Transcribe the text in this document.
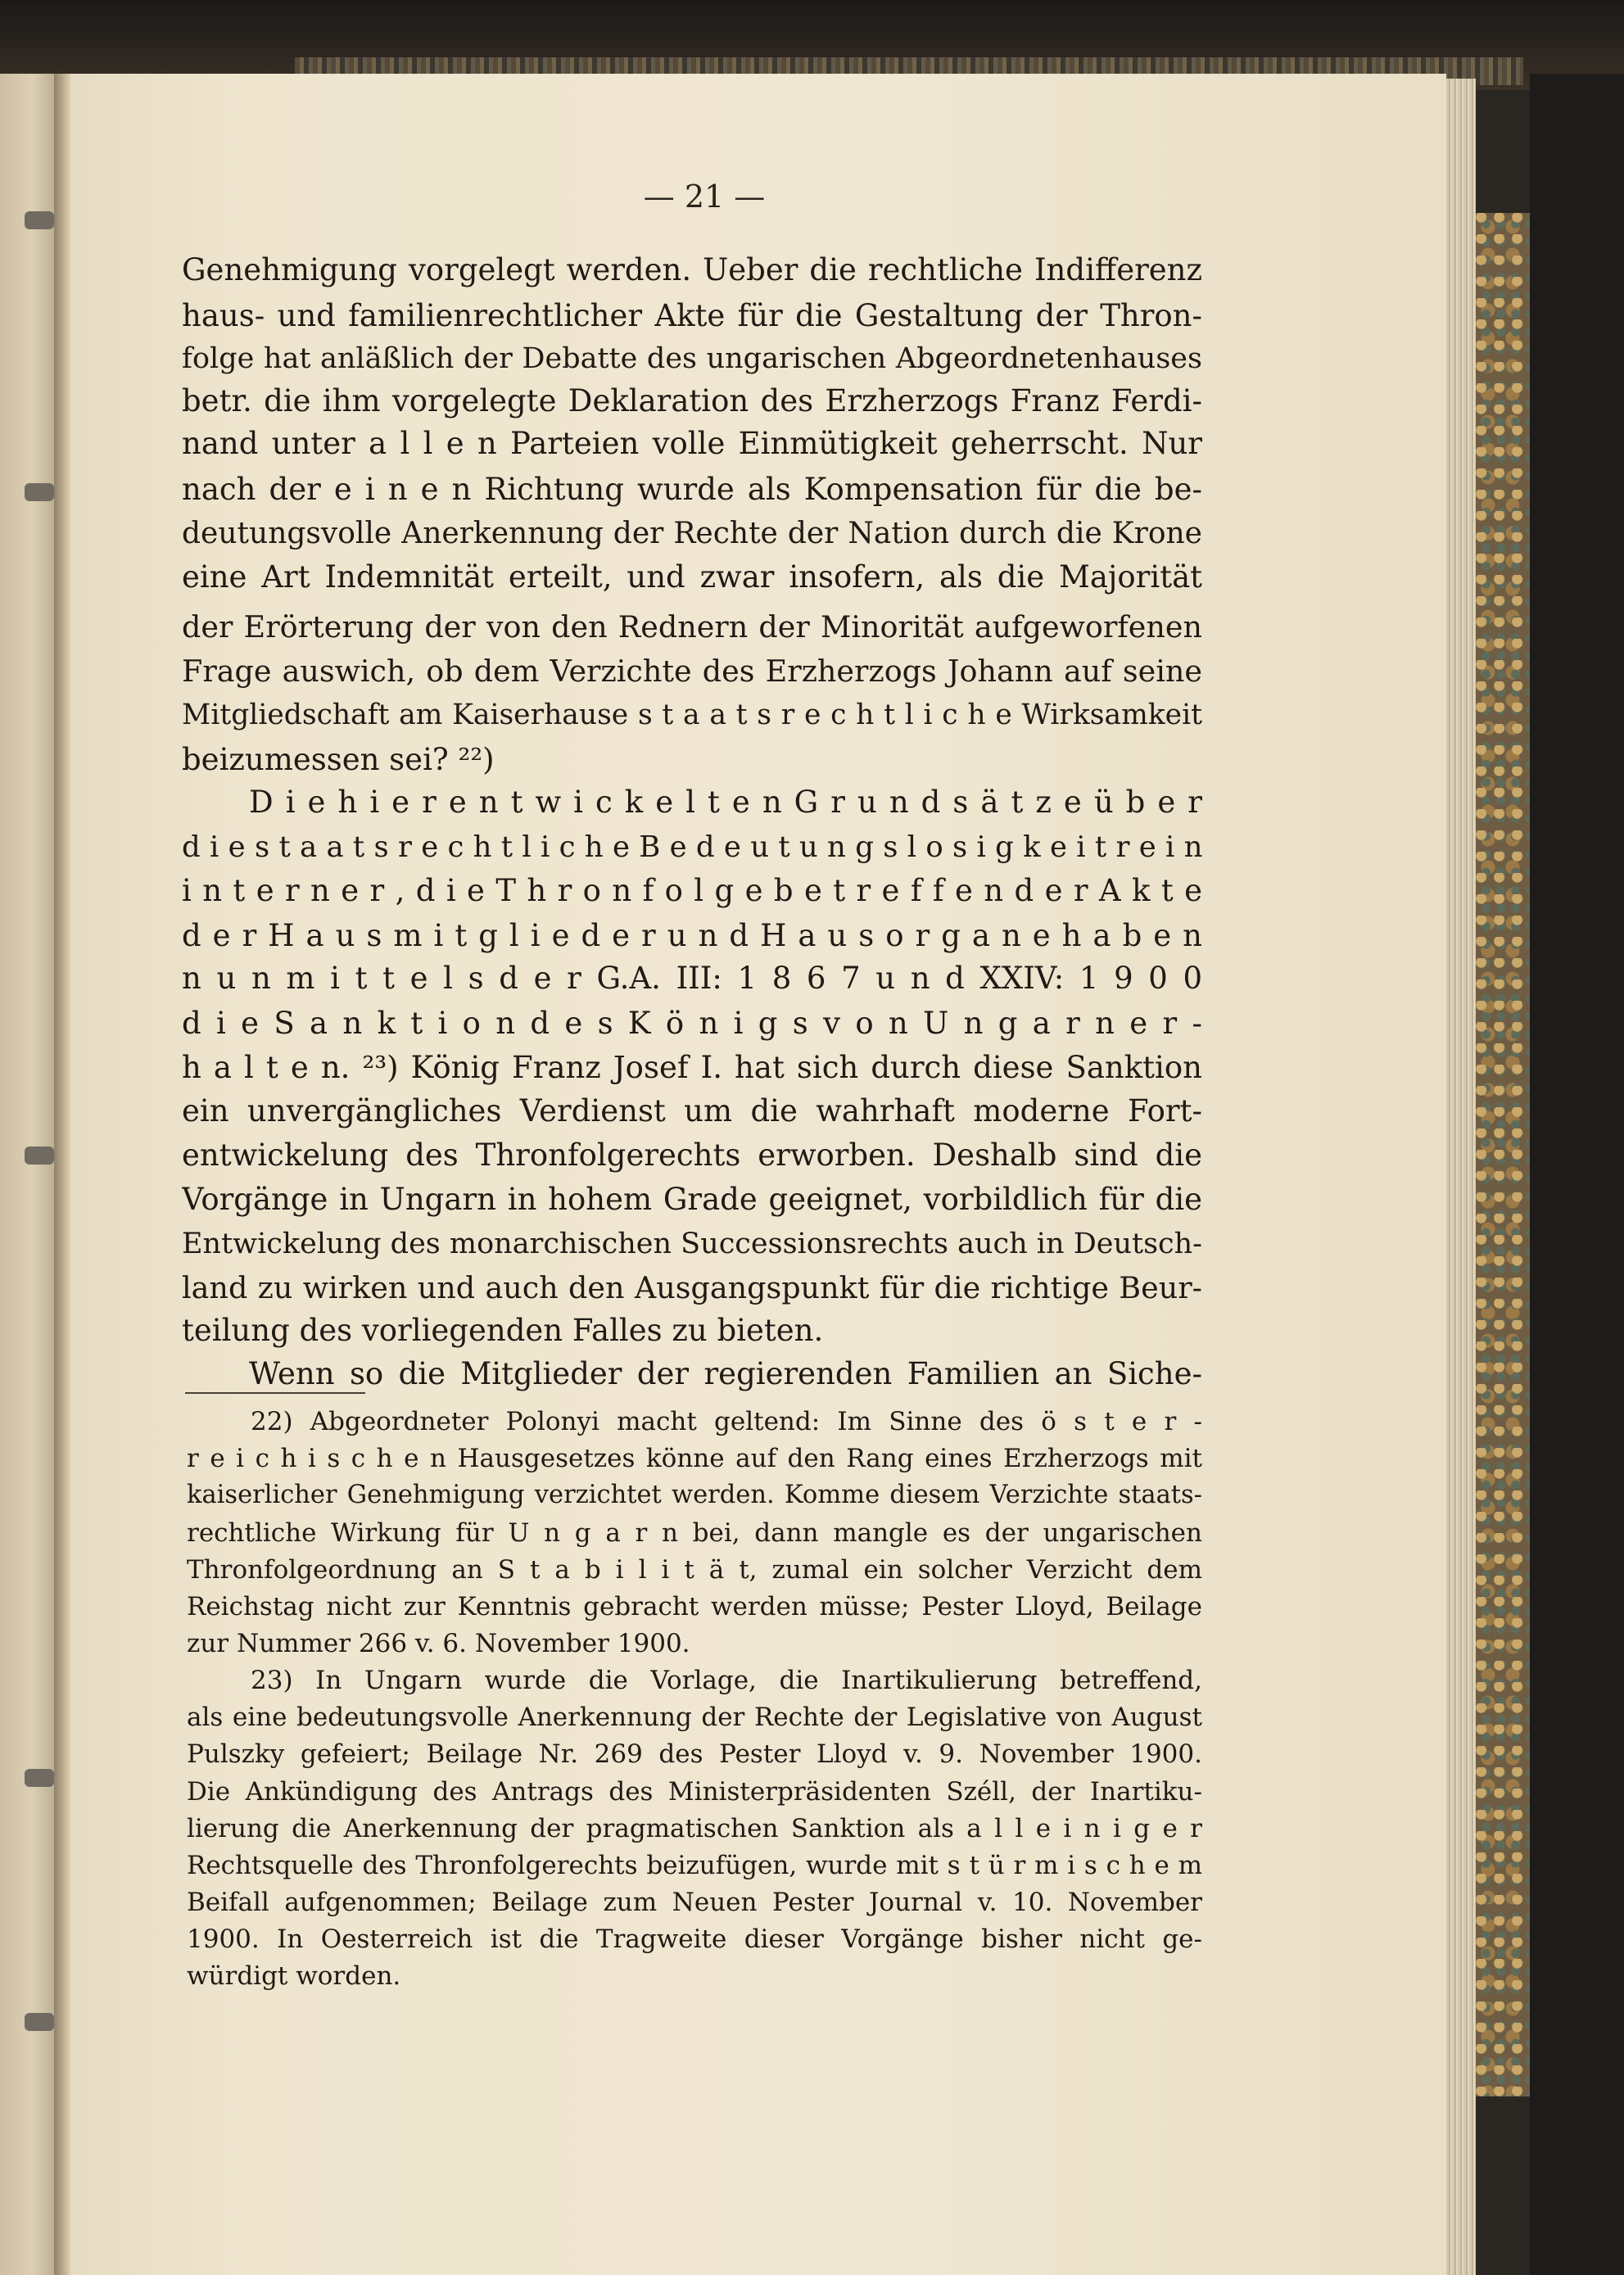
— 21 —
Genehmigung vorgelegt werden. Ueber die rechtliche Indifferenz
haus- und familienrechtlicher Akte für die Gestaltung der Thron-
folge hat anläßlich der Debatte des ungarischen Abgeordnetenhauses
betr. die ihm vorgelegte Deklaration des Erzherzogs Franz Ferdi-
nand unter a l l e n Parteien volle Einmütigkeit geherrscht. Nur
nach der e i n e n Richtung wurde als Kompensation für die be-
deutungsvolle Anerkennung der Rechte der Nation durch die Krone
eine Art Indemnität erteilt, und zwar insofern, als die Majorität
der Erörterung der von den Rednern der Minorität aufgeworfenen
Frage auswich, ob dem Verzichte des Erzherzogs Johann auf seine
Mitgliedschaft am Kaiserhause s t a a t s r e c h t l i c h e Wirksamkeit
beizumessen sei? ²²)
D i e h i e r e n t w i c k e l t e n G r u n d s ä t z e ü b e r
d i e s t a a t s r e c h t l i c h e B e d e u t u n g s l o s i g k e i t r e i n
i n t e r n e r , d i e T h r o n f o l g e b e t r e f f e n d e r A k t e
d e r H a u s m i t g l i e d e r u n d H a u s o r g a n e h a b e n
n u n m i t t e l s d e r G.A. III: 1 8 6 7 u n d XXIV: 1 9 0 0
d i e S a n k t i o n d e s K ö n i g s v o n U n g a r n e r -
h a l t e n. ²³) König Franz Josef I. hat sich durch diese Sanktion
ein unvergängliches Verdienst um die wahrhaft moderne Fort-
entwickelung des Thronfolgerechts erworben. Deshalb sind die
Vorgänge in Ungarn in hohem Grade geeignet, vorbildlich für die
Entwickelung des monarchischen Successionsrechts auch in Deutsch-
land zu wirken und auch den Ausgangspunkt für die richtige Beur-
teilung des vorliegenden Falles zu bieten.
Wenn so die Mitglieder der regierenden Familien an Siche-
22) Abgeordneter Polonyi macht geltend: Im Sinne des ö s t e r -
r e i c h i s c h e n Hausgesetzes könne auf den Rang eines Erzherzogs mit
kaiserlicher Genehmigung verzichtet werden. Komme diesem Verzichte staats-
rechtliche Wirkung für U n g a r n bei, dann mangle es der ungarischen
Thronfolgeordnung an S t a b i l i t ä t, zumal ein solcher Verzicht dem
Reichstag nicht zur Kenntnis gebracht werden müsse; Pester Lloyd, Beilage
zur Nummer 266 v. 6. November 1900.
23) In Ungarn wurde die Vorlage, die Inartikulierung betreffend,
als eine bedeutungsvolle Anerkennung der Rechte der Legislative von August
Pulszky gefeiert; Beilage Nr. 269 des Pester Lloyd v. 9. November 1900.
Die Ankündigung des Antrags des Ministerpräsidenten Széll, der Inartiku-
lierung die Anerkennung der pragmatischen Sanktion als a l l e i n i g e r
Rechtsquelle des Thronfolgerechts beizufügen, wurde mit s t ü r m i s c h e m
Beifall aufgenommen; Beilage zum Neuen Pester Journal v. 10. November
1900. In Oesterreich ist die Tragweite dieser Vorgänge bisher nicht ge-
würdigt worden.
